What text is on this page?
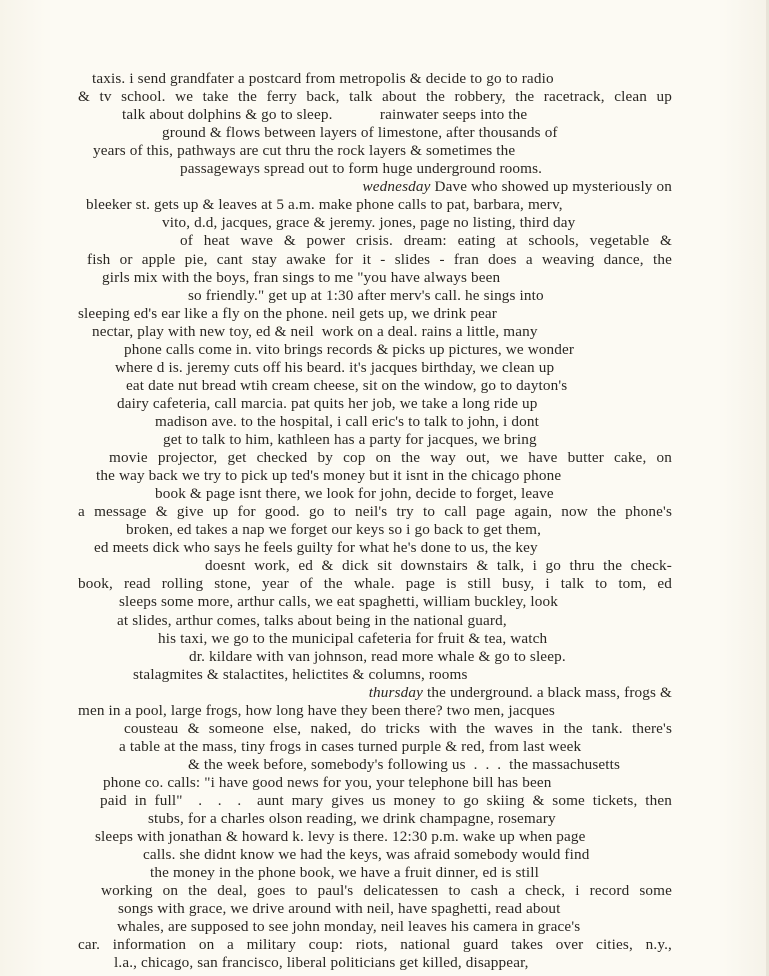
taxis. i send grandfater a postcard from metropolis & decide to go to radio
& tv school. we take the ferry back, talk about the robbery, the racetrack, clean up
talk about dolphins & go to sleep.            rainwater seeps into the
ground & flows between layers of limestone, after thousands of
years of this, pathways are cut thru the rock layers & sometimes the
passageways spread out to form huge underground rooms.
wednesday Dave who showed up mysteriously on
bleeker st. gets up & leaves at 5 a.m. make phone calls to pat, barbara, merv,
vito, d.d, jacques, grace & jeremy. jones, page no listing, third day
of heat wave & power crisis. dream: eating at schools, vegetable &
fish or apple pie, cant stay awake for it - slides - fran does a weaving dance, the
girls mix with the boys, fran sings to me "you have always been
so friendly." get up at 1:30 after merv's call. he sings into
sleeping ed's ear like a fly on the phone. neil gets up, we drink pear
nectar, play with new toy, ed & neil  work on a deal. rains a little, many
phone calls come in. vito brings records & picks up pictures, we wonder
where d is. jeremy cuts off his beard. it's jacques birthday, we clean up
eat date nut bread wtih cream cheese, sit on the window, go to dayton's
dairy cafeteria, call marcia. pat quits her job, we take a long ride up
madison ave. to the hospital, i call eric's to talk to john, i dont
get to talk to him, kathleen has a party for jacques, we bring
movie projector, get checked by cop on the way out, we have butter cake, on
the way back we try to pick up ted's money but it isnt in the chicago phone
book & page isnt there, we look for john, decide to forget, leave
a message & give up for good. go to neil's try to call page again, now the phone's
broken, ed takes a nap we forget our keys so i go back to get them,
ed meets dick who says he feels guilty for what he's done to us, the key
doesnt work, ed & dick sit downstairs & talk, i go thru the check-
book, read rolling stone, year of the whale. page is still busy, i talk to tom, ed
sleeps some more, arthur calls, we eat spaghetti, william buckley, look
at slides, arthur comes, talks about being in the national guard,
his taxi, we go to the municipal cafeteria for fruit & tea, watch
dr. kildare with van johnson, read more whale & go to sleep.
stalagmites & stalactites, helictites & columns, rooms
thursday the underground. a black mass, frogs &
men in a pool, large frogs, how long have they been there? two men, jacques
cousteau & someone else, naked, do tricks with the waves in the tank. there's
a table at the mass, tiny frogs in cases turned purple & red, from last week
& the week before, somebody's following us  .  .  .  the massachusetts
phone co. calls: "i have good news for you, your telephone bill has been
paid in full"  .  .  .  aunt mary gives us money to go skiing & some tickets, then
stubs, for a charles olson reading, we drink champagne, rosemary
sleeps with jonathan & howard k. levy is there. 12:30 p.m. wake up when page
calls. she didnt know we had the keys, was afraid somebody would find
the money in the phone book, we have a fruit dinner, ed is still
working on the deal, goes to paul's delicatessen to cash a check, i record some
songs with grace, we drive around with neil, have spaghetti, read about
whales, are supposed to see john monday, neil leaves his camera in grace's
car. information on a military coup: riots, national guard takes over cities, n.y.,
l.a., chicago, san francisco, liberal politicians get killed, disappear,
